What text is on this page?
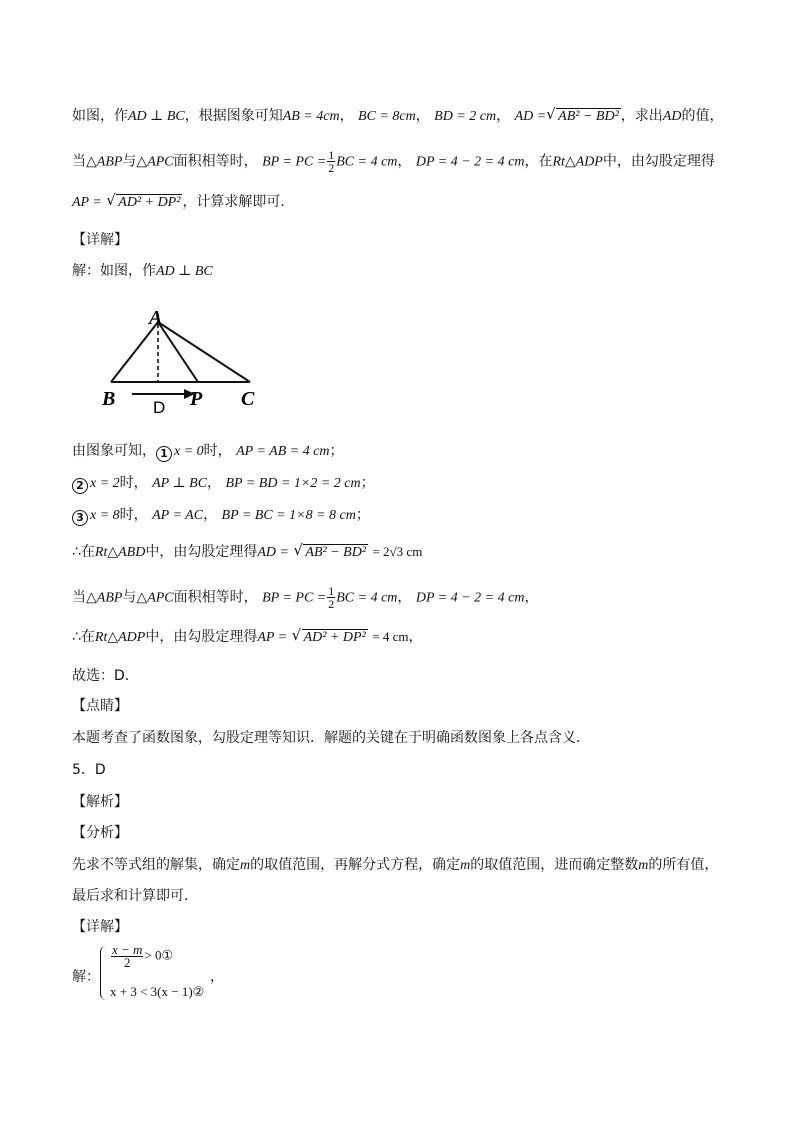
如图，作AD ⊥ BC，根据图象可知AB = 4cm， BC = 8cm， BD = 2 cm， AD = √ AB² − BD² ，求出AD的值，
当△ABP与△APC面积相等时， BP = PC = $\frac{1}{2}$ BC = 4 cm， DP = 4 − 2 = 4 cm，在Rt△ADP中，由勾股定理得
AP = √ AD² + DP² ，计算求解即可．
【详解】
解：如图，作AD ⊥ BC
A
B	P C
D
由图象可知， 1 x = 0时， AP = AB = 4 cm；
2 x = 2时， AP ⊥ BC， BP = BD = 1×2 = 2 cm；
3 x = 8时， AP = AC， BP = BC = 1×8 = 8 cm；
∴在Rt△ABD中，由勾股定理得AD = √ AB² − BD² = 2√3 cm
当△ABP与△APC面积相等时， BP = PC = $\frac{1}{2}$ BC = 4 cm， DP = 4 − 2 = 4 cm，
∴在Rt△ADP中，由勾股定理得AP = √ AD² + DP² = 4 cm，
故选：D．
【点睛】
本题考查了函数图象，勾股定理等知识．解题的关键在于明确函数图象上各点含义．
5．D
【解析】
【分析】
先求不等式组的解集，确定m的取值范围，再解分式方程，确定m的取值范围，进而确定整数m的所有值，
最后求和计算即可．
【详解】
解：
$\frac{x - m}{2}$ > 0①
x + 3 < 3(x − 1)②
，
